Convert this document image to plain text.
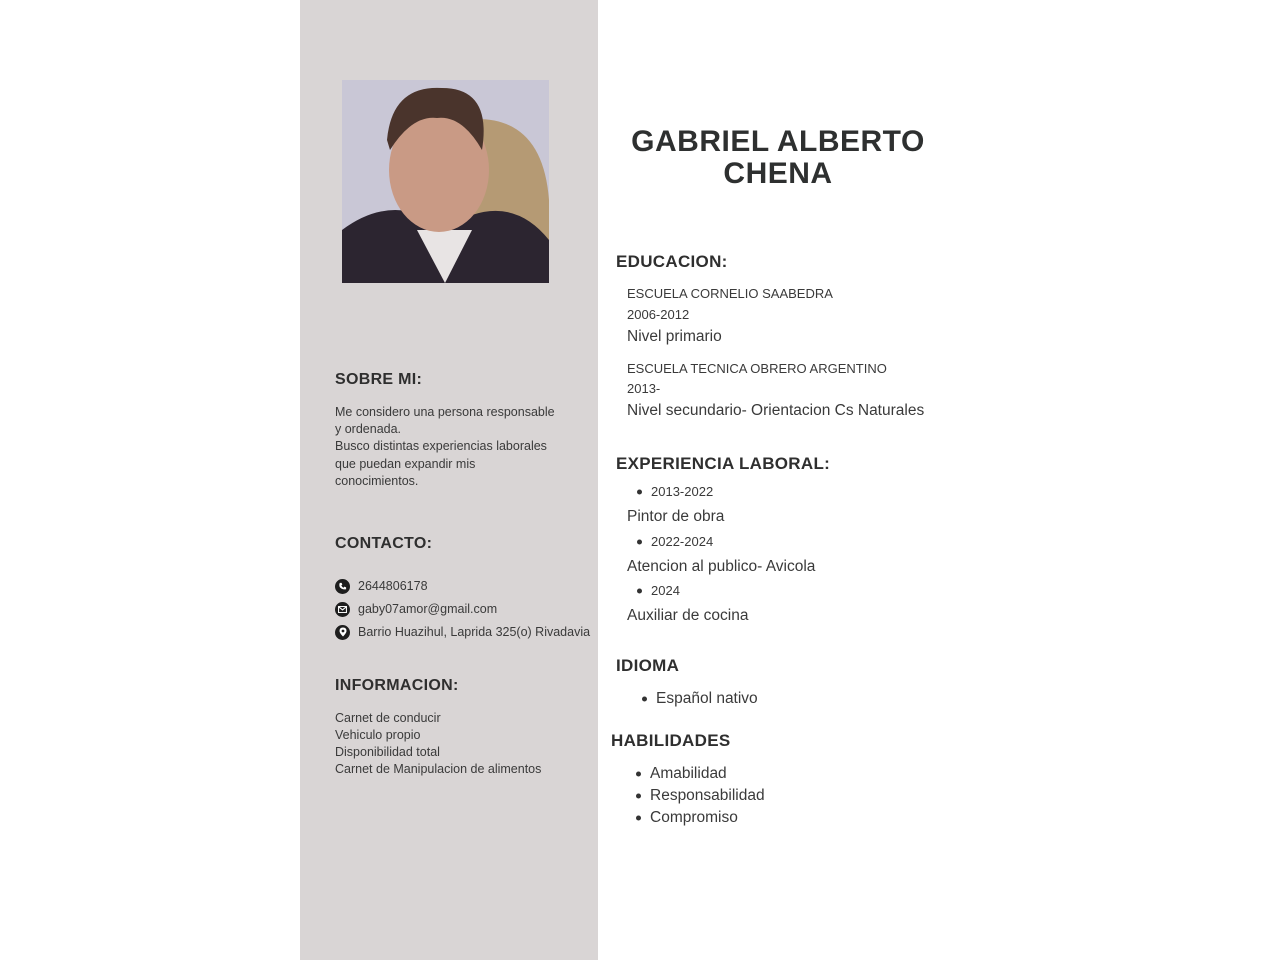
SOBRE MI:

Me considero una persona responsable
y ordenada.
Busco distintas experiencias laborales
que puedan expandir mis
conocimientos.

CONTACTO:
2644806178
gaby07amor@gmail.com
Barrio Huazihul, Laprida 325(o) Rivadavia
INFORMACION:
Carnet de conducir
Vehiculo propio
Disponibilidad total
Carnet de Manipulacion de alimentos
GABRIEL ALBERTO
CHENA
EDUCACION:
ESCUELA CORNELIO SAABEDRA
2006-2012
Nivel primario
ESCUELA TECNICA OBRERO ARGENTINO
2013-
Nivel secundario- Orientacion Cs Naturales
EXPERIENCIA LABORAL:
2013-2022
Pintor de obra
2022-2024
Atencion al publico- Avicola
2024
Auxiliar de cocina
IDIOMA
Español nativo
HABILIDADES
Amabilidad
Responsabilidad
Compromiso
